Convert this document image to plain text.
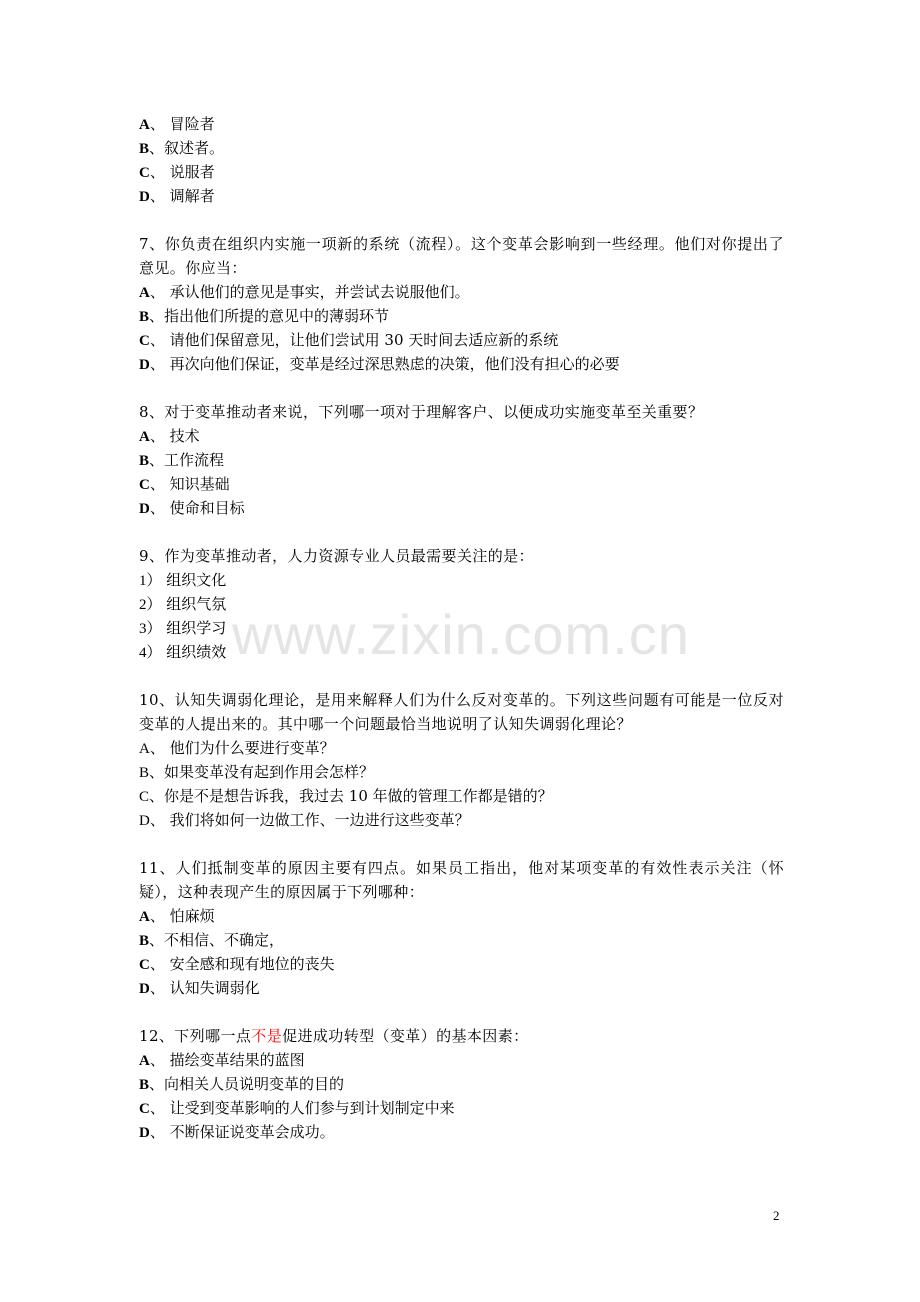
A、 冒险者
B、叙述者。
C、 说服者
D、 调解者
7、你负责在组织内实施一项新的系统（流程）。这个变革会影响到一些经理。他们对你提出了意见。你应当：
A、 承认他们的意见是事实，并尝试去说服他们。
B、指出他们所提的意见中的薄弱环节
C、 请他们保留意见，让他们尝试用 30 天时间去适应新的系统
D、 再次向他们保证，变革是经过深思熟虑的决策，他们没有担心的必要
8、对于变革推动者来说，下列哪一项对于理解客户、以便成功实施变革至关重要？
A、 技术
B、工作流程
C、 知识基础
D、 使命和目标
9、作为变革推动者，人力资源专业人员最需要关注的是：
1） 组织文化
2） 组织气氛
3） 组织学习
4） 组织绩效
10、认知失调弱化理论，是用来解释人们为什么反对变革的。下列这些问题有可能是一位反对变革的人提出来的。其中哪一个问题最恰当地说明了认知失调弱化理论？
A、 他们为什么要进行变革？
B、如果变革没有起到作用会怎样？
C、你是不是想告诉我，我过去 10 年做的管理工作都是错的？
D、 我们将如何一边做工作、一边进行这些变革？
11、人们抵制变革的原因主要有四点。如果员工指出，他对某项变革的有效性表示关注（怀疑），这种表现产生的原因属于下列哪种：
A、 怕麻烦
B、不相信、不确定，
C、 安全感和现有地位的丧失
D、 认知失调弱化
12、下列哪一点不是促进成功转型（变革）的基本因素：
A、 描绘变革结果的蓝图
B、向相关人员说明变革的目的
C、 让受到变革影响的人们参与到计划制定中来
D、 不断保证说变革会成功。
www.zixin.com.cn
2
